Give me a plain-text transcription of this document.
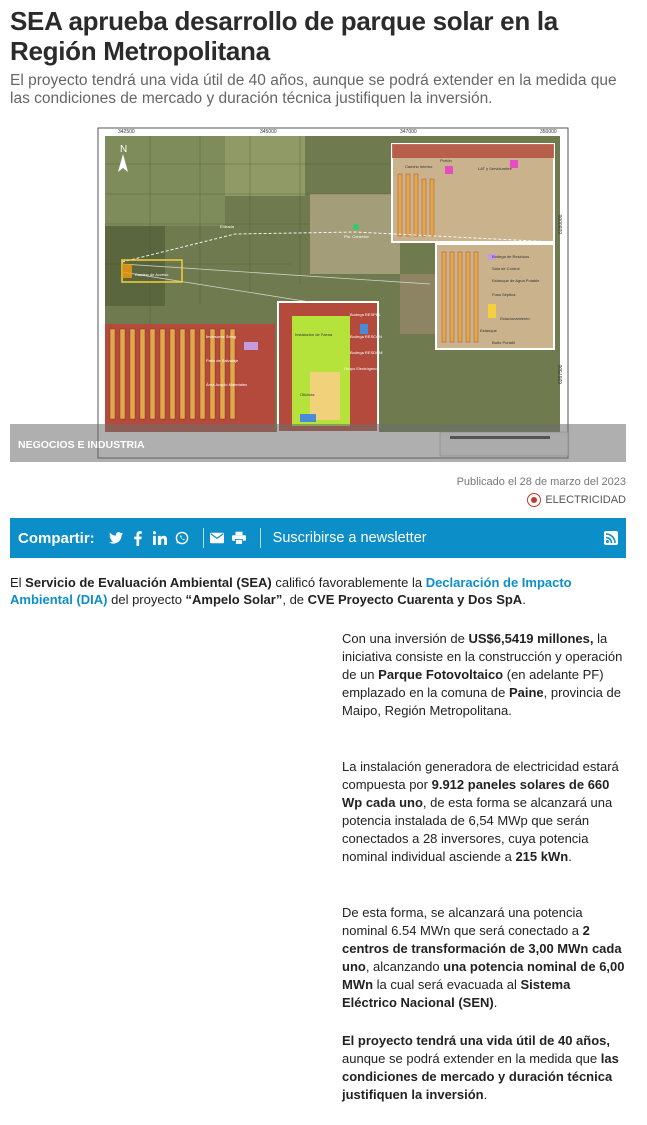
SEA aprueba desarrollo de parque solar en la Región Metropolitana

El proyecto tendrá una vida útil de 40 años, aunque se podrá extender en la medida que las condiciones de mercado y duración técnica justifiquen la inversión.

N
342500	345000	347000	350000
6280000
6267500
Camino Interno
Portón
LAT y Servidumbre
Entrada
Pto. Conexión
Camino de Acceso
Bodega de Residuos
Sala de Control
Estanque de Agua Potable
Fosa Séptica
Estacionamiento
Inversores String
Patio de Salvataje
Área Acopio Materiales
Instalación de Faena
Bodega RESPEL
Bodega RESCON
Bodega RESDOM
Grupo Electrógeno
Oficinas
Estanque
Baño Portátil
NEGOCIOS E INDUSTRIA
Publicado el 28 de marzo del 2023
ELECTRICIDAD
Compartir:	Suscribirse a newsletter

El Servicio de Evaluación Ambiental (SEA) calificó favorablemente la Declaración de Impacto Ambiental (DIA) del proyecto “Ampelo Solar”, de CVE Proyecto Cuarenta y Dos SpA.

Con una inversión de US$6,5419 millones, la iniciativa consiste en la construcción y operación de un Parque Fotovoltaico (en adelante PF) emplazado en la comuna de Paine, provincia de Maipo, Región Metropolitana.

La instalación generadora de electricidad estará compuesta por 9.912 paneles solares de 660 Wp cada uno, de esta forma se alcanzará una potencia instalada de 6,54 MWp que serán conectados a 28 inversores, cuya potencia nominal individual asciende a 215 kWn.

De esta forma, se alcanzará una potencia nominal 6.54 MWn que será conectado a 2 centros de transformación de 3,00 MWn cada uno, alcanzando una potencia nominal de 6,00 MWn la cual será evacuada al Sistema Eléctrico Nacional (SEN).

El proyecto tendrá una vida útil de 40 años, aunque se podrá extender en la medida que las condiciones de mercado y duración técnica justifiquen la inversión.
